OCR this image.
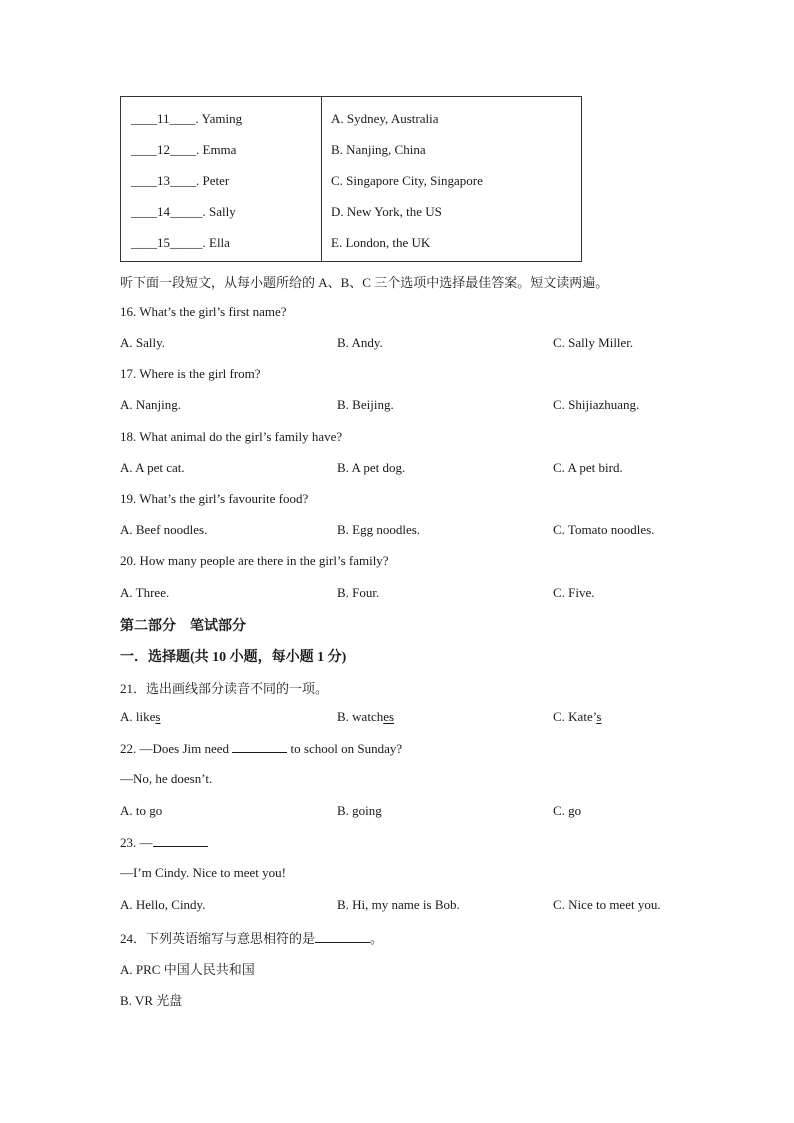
____11____. Yaming	A. Sydney, Australia
____12____. Emma	B. Nanjing, China
____13____. Peter	C. Singapore City, Singapore
____14_____. Sally	D. New York, the US
____15_____. Ella	E. London, the UK
听下面一段短文，从每小题所给的 A、B、C 三个选项中选择最佳答案。短文读两遍。
16. What’s the girl’s first name?
A. Sally.	B. Andy.	C. Sally Miller.
17. Where is the girl from?
A. Nanjing.	B. Beijing.	C. Shijiazhuang.
18. What animal do the girl’s family have?
A. A pet cat.	B. A pet dog.	C. A pet bird.
19. What’s the girl’s favourite food?
A. Beef noodles.	B. Egg noodles.	C. Tomato noodles.
20. How many people are there in the girl’s family?
A. Three.	B. Four.	C. Five.
第二部分　笔试部分
一．选择题(共 10 小题，每小题 1 分)
21．选出画线部分读音不同的一项。
A. likes	B. watches	C. Kate’s
22. —Does Jim need	to school on Sunday?
—No, he doesn’t.
A. to go	B. going	C. go
23. —
—I’m Cindy. Nice to meet you!
A. Hello, Cindy.	B. Hi, my name is Bob.	C. Nice to meet you.
24．下列英语缩写与意思相符的是	。
A. PRC 中国人民共和国
B. VR 光盘
